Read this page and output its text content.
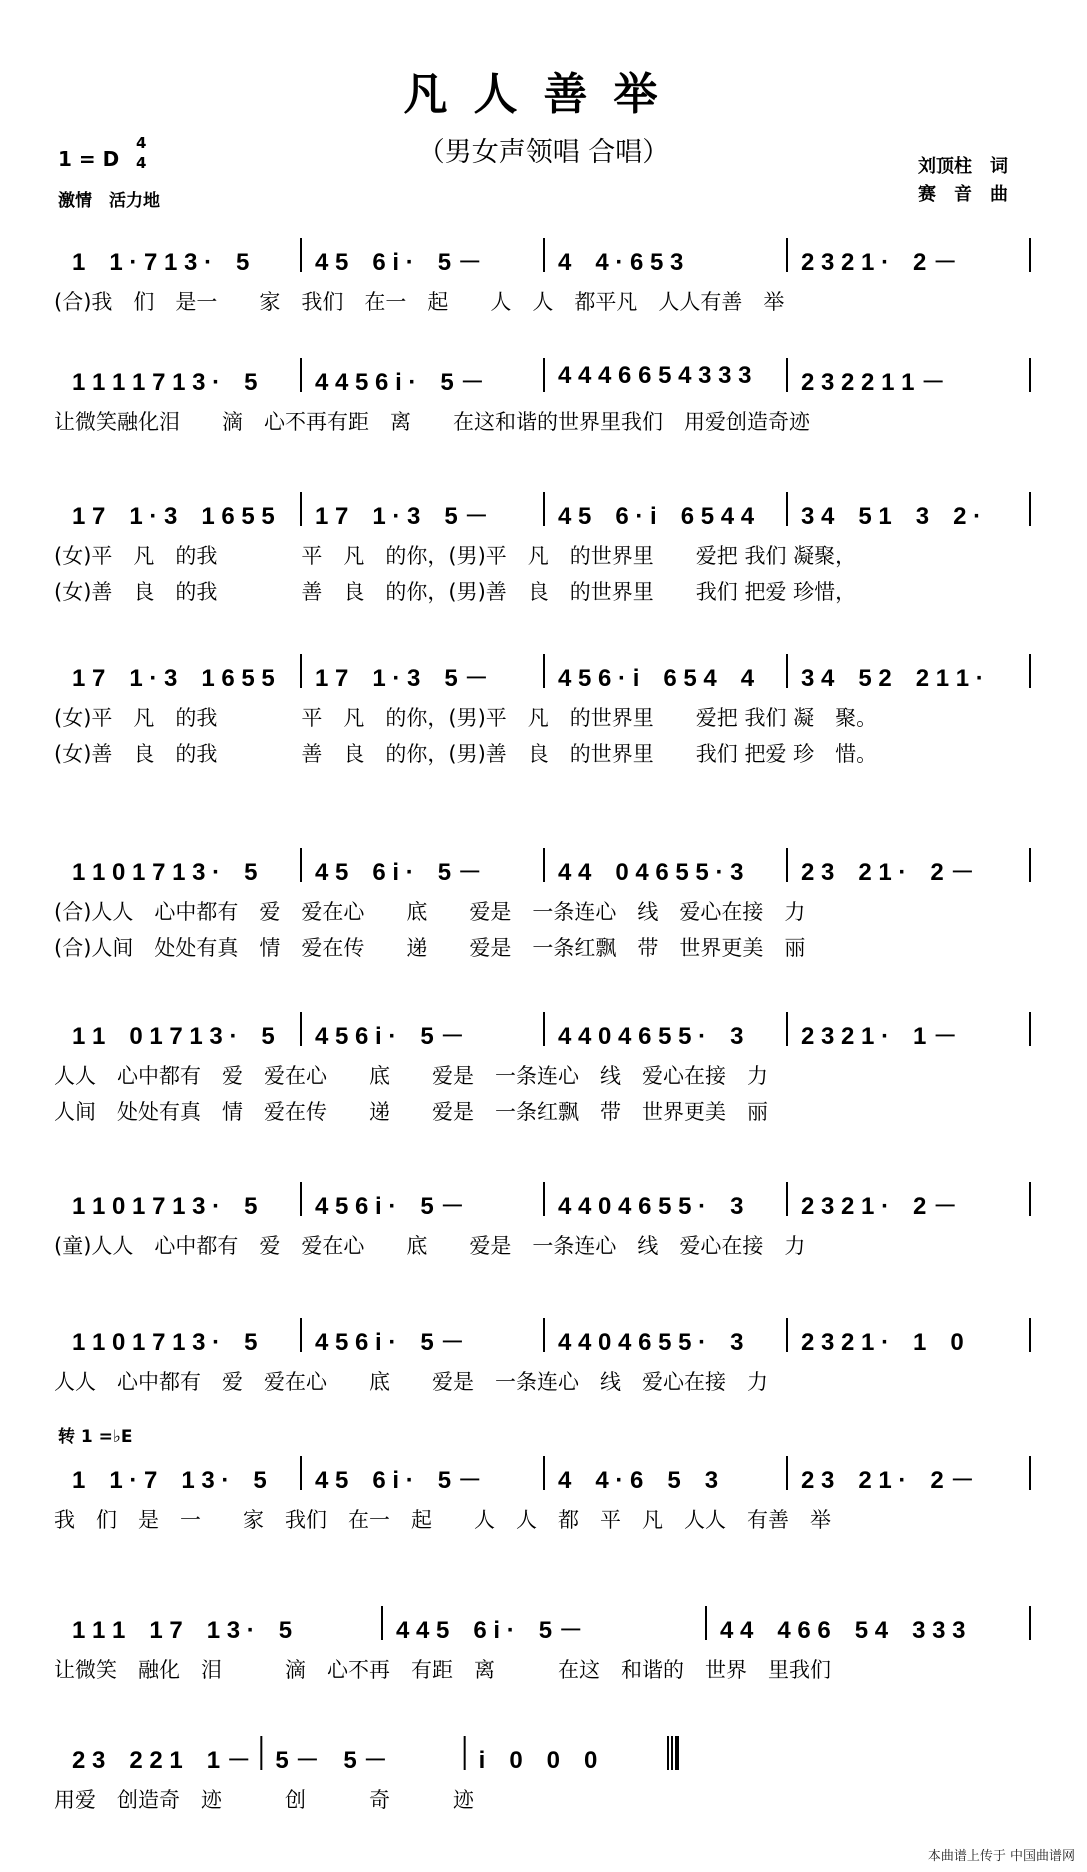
凡人善举
（男女声领唱 合唱）
1 = D
4
4
激情　活力地
刘顶柱　词
赛　音　曲
1　1 · 7 1 3 ·　5	4 5　6 i ·　5 －	4　4 · 6 5 3	2 3 2 1 ·　2 －
(合)我　们　是一　　家　我们　在一　起　　人　人　都平凡　人人有善　举
1 1 1 1 7 1 3 ·　5 4 4 5 6 i ·　5 －	4 4 4 6 6 5 4 3 3 3 2 3 2 2 1 1 －
让微笑融化泪　　滴　心不再有距　离　　在这和谐的世界里我们　用爱创造奇迹
1 7　1 · 3　1 6 5 5 1 7　1 · 3　5 －	4 5　6 · i　6 5 4 4 3 4　5 1　3　2 ·
(女)平　凡　的我　　　　平　凡　的你，(男)平　凡　的世界里　　爱把 我们 凝聚，
(女)善　良　的我　　　　善　良　的你，(男)善　良　的世界里　　我们 把爱 珍惜，
1 7　1 · 3　1 6 5 5 1 7　1 · 3　5 －	4 5 6 · i　6 5 4　4 3 4　5 2　2 1 1 ·
(女)平　凡　的我　　　　平　凡　的你，(男)平　凡　的世界里　　爱把 我们 凝　聚。
(女)善　良　的我　　　　善　良　的你，(男)善　良　的世界里　　我们 把爱 珍　惜。
1 1 0 1 7 1 3 ·　5 4 5　6 i ·　5 －	4 4　0 4 6 5 5 · 3 2 3　2 1 ·　2 －
(合)人人　心中都有　爱　爱在心　　底　　爱是　一条连心　线　爱心在接　力
(合)人间　处处有真　情　爱在传　　递　　爱是　一条红飘　带　世界更美　丽
1 1　0 1 7 1 3 ·　5 4 5 6 i ·　5 －	4 4 0 4 6 5 5 ·　3 2 3 2 1 ·　1 －
人人　心中都有　爱　爱在心　　底　　爱是　一条连心　线　爱心在接　力
人间　处处有真　情　爱在传　　递　　爱是　一条红飘　带　世界更美　丽
1 1 0 1 7 1 3 ·　5 4 5 6 i ·　5 －	4 4 0 4 6 5 5 ·　3 2 3 2 1 ·　2 －
(童)人人　心中都有　爱　爱在心　　底　　爱是　一条连心　线　爱心在接　力
1 1 0 1 7 1 3 ·　5 4 5 6 i ·　5 －	4 4 0 4 6 5 5 ·　3 2 3 2 1 ·　1　0
人人　心中都有　爱　爱在心　　底　　爱是　一条连心　线　爱心在接　力
1　1 · 7　1 3 ·　5 4 5　6 i ·　5 －	4　4 · 6　5　3	2 3　2 1 ·　2 －
我　们　是　一　　家　我们　在一　起　　人　人　都　平　凡　人人　有善　举
1 1 1　1 7　1 3 ·　5	4 4 5　6 i ·　5 －	4 4　4 6 6　5 4　3 3 3
让微笑　融化　泪　　　滴　心不再　有距　离　　　在这　和谐的　世界　里我们
2 3　2 2 1　1 － 5 －　5 －	i　0　0　0
用爱　创造奇　迹　　　创　　　奇　　　迹
转 1 =♭E
本曲谱上传于 中国曲谱网
